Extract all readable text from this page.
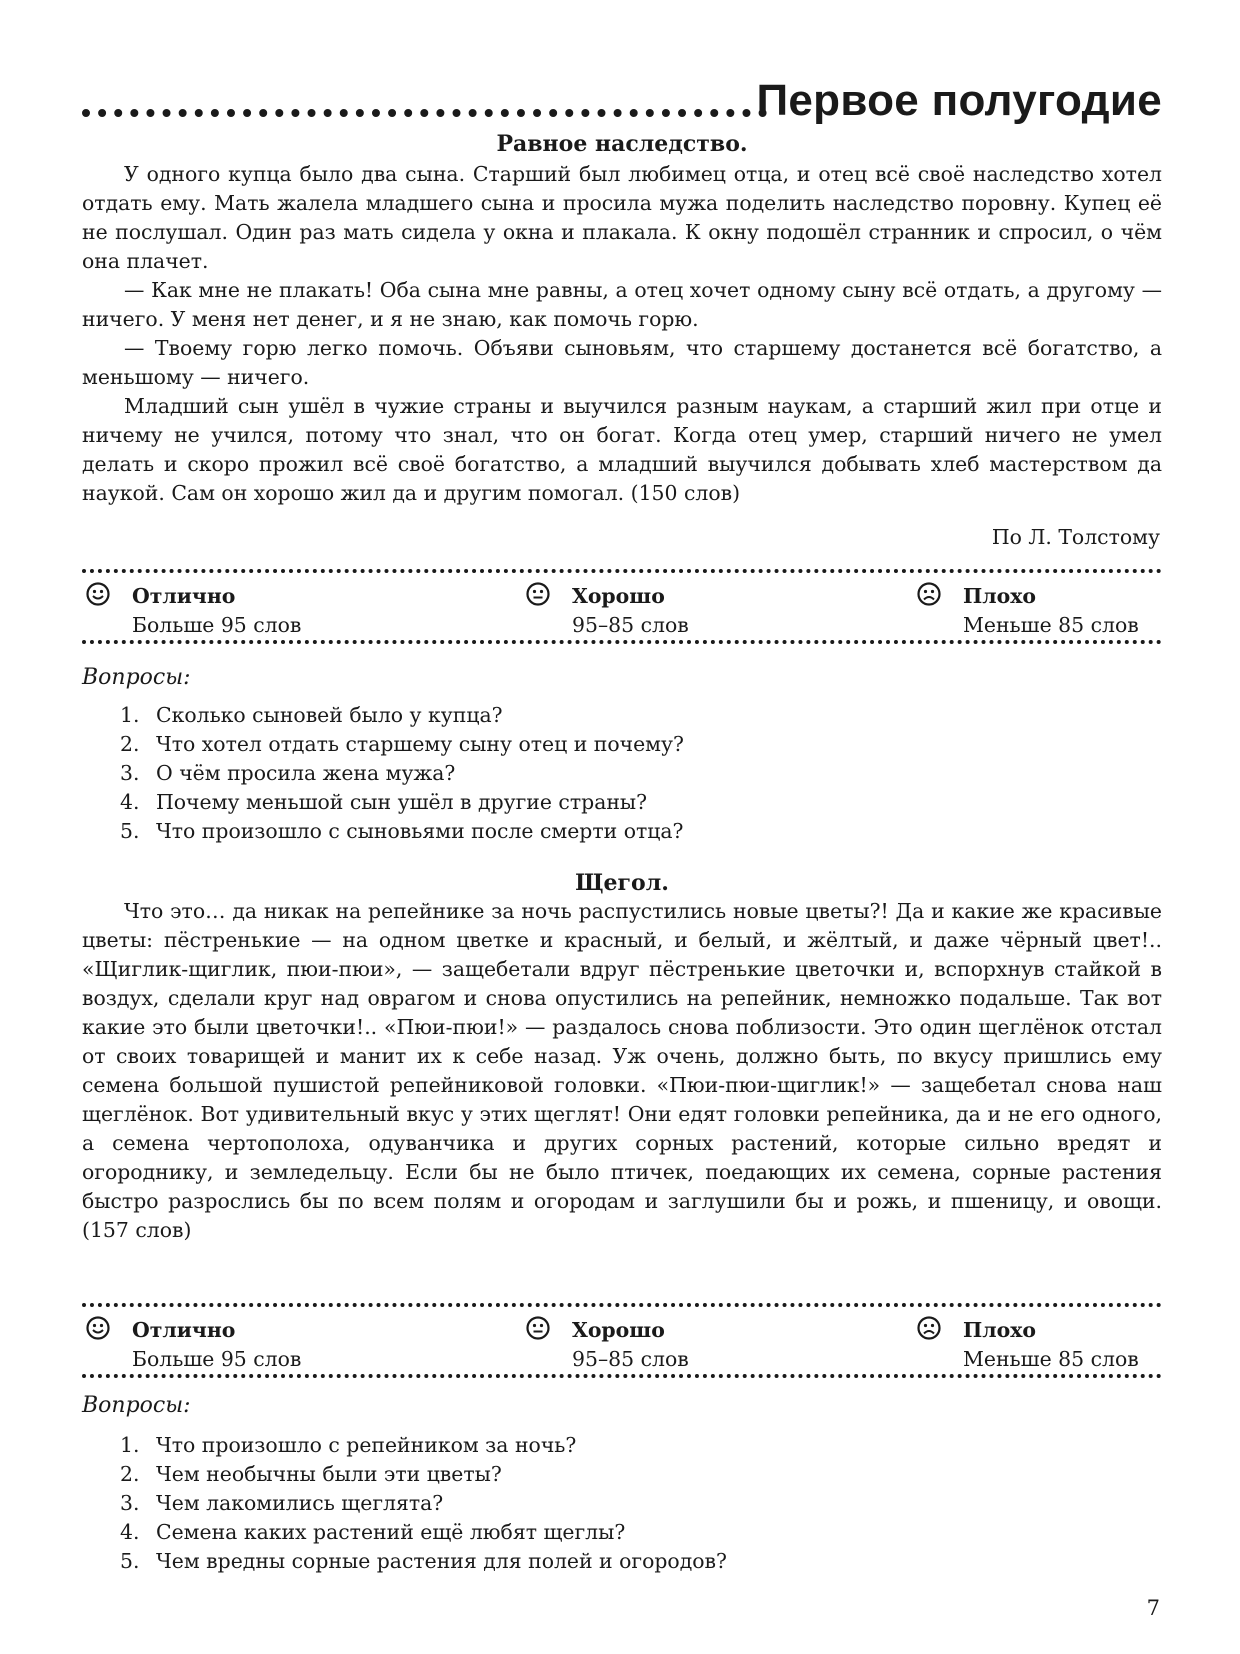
Первое полугодие
Равное наследство.

У одного купца было два сына. Старший был любимец отца, и отец всё своё наследство хотел отдать ему. Мать жалела младшего сына и просила мужа поделить наследство поровну. Купец её не послушал. Один раз мать сидела у окна и плакала. К окну подошёл странник и спросил, о чём она плачет.

— Как мне не плакать! Оба сына мне равны, а отец хочет одному сыну всё отдать, а другому — ничего. У меня нет денег, и я не знаю, как помочь горю.

— Твоему горю легко помочь. Объяви сыновьям, что старшему достанется всё богатство, а меньшому — ничего.

Младший сын ушёл в чужие страны и выучился разным наукам, а старший жил при отце и ничему не учился, потому что знал, что он богат. Когда отец умер, старший ничего не умел делать и скоро прожил всё своё богатство, а младший выучился добывать хлеб мастерством да наукой. Сам он хорошо жил да и другим помогал. (150 слов)

По Л. Толстому
Отлично
Больше 95 слов
Хорошо
95–85 слов
Плохо
Меньше 85 слов
Вопросы:
1. Сколько сыновей было у купца?
2. Что хотел отдать старшему сыну отец и почему?
3. О чём просила жена мужа?
4. Почему меньшой сын ушёл в другие страны?
5. Что произошло с сыновьями после смерти отца?
Щегол.

Что это… да никак на репейнике за ночь распустились новые цветы?! Да и какие же красивые цветы: пёстренькие — на одном цветке и красный, и белый, и жёлтый, и даже чёрный цвет!.. «Щиглик-щиглик, пюи-пюи», — защебетали вдруг пёстренькие цветочки и, вспорхнув стайкой в воздух, сделали круг над оврагом и снова опустились на репейник, немножко подальше. Так вот какие это были цветочки!.. «Пюи-пюи!» — раздалось снова поблизости. Это один щеглёнок отстал от своих товарищей и манит их к себе назад. Уж очень, должно быть, по вкусу пришлись ему семена большой пушистой репейниковой головки. «Пюи-пюи-щиглик!» — защебетал снова наш щеглёнок. Вот удивительный вкус у этих щеглят! Они едят головки репейника, да и не его одного, а семена чертополоха, одуванчика и других сорных растений, которые сильно вредят и огороднику, и земледельцу. Если бы не было птичек, поедающих их семена, сорные растения быстро разрослись бы по всем полям и огородам и заглушили бы и рожь, и пшеницу, и овощи. (157 слов)

Отлично
Больше 95 слов
Хорошо
95–85 слов
Плохо
Меньше 85 слов
Вопросы:
1. Что произошло с репейником за ночь?
2. Чем необычны были эти цветы?
3. Чем лакомились щеглята?
4. Семена каких растений ещё любят щеглы?
5. Чем вредны сорные растения для полей и огородов?
7
